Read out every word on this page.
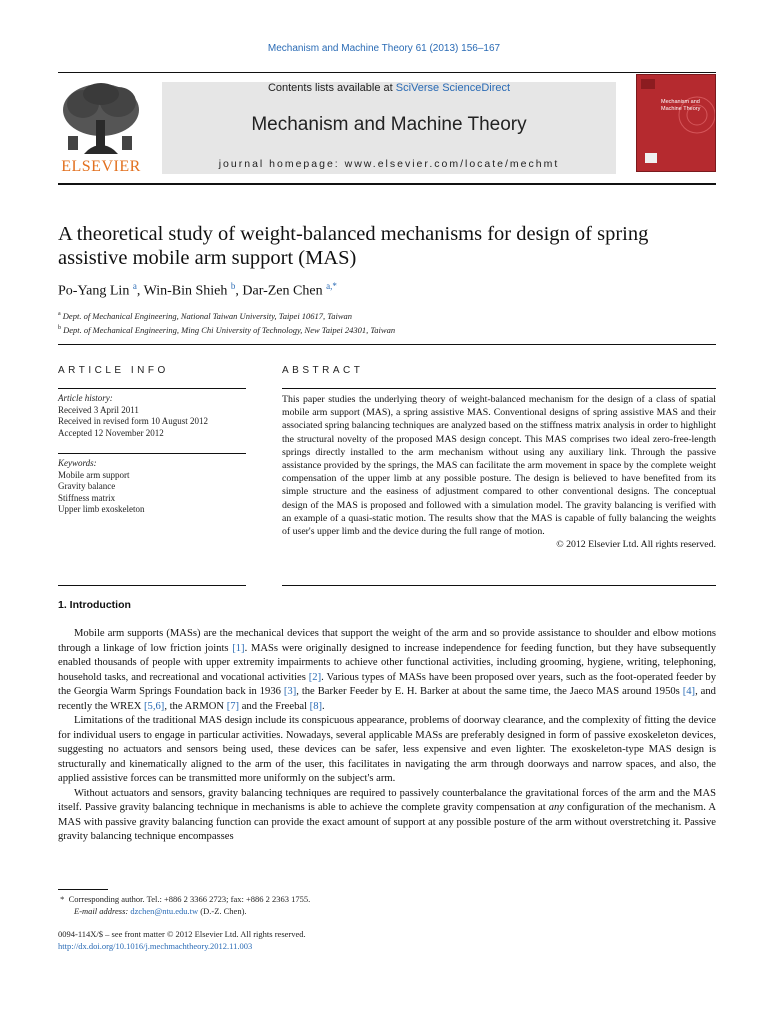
Mechanism and Machine Theory 61 (2013) 156–167
ELSEVIER
Contents lists available at SciVerse ScienceDirect
Mechanism and Machine Theory
journal homepage: www.elsevier.com/locate/mechmt
Mechanism and Machine Theory
A theoretical study of weight-balanced mechanisms for design of spring assistive mobile arm support (MAS)
Po-Yang Lin $^a$, Win-Bin Shieh $^b$, Dar-Zen Chen $^{a,*}$
$^a$ Dept. of Mechanical Engineering, National Taiwan University, Taipei 10617, Taiwan
$^b$ Dept. of Mechanical Engineering, Ming Chi University of Technology, New Taipei 24301, Taiwan
ARTICLE INFO	ABSTRACT
Article history:
Received 3 April 2011
Received in revised form 10 August 2012
Accepted 12 November 2012
Keywords:
Mobile arm support
Gravity balance
Stiffness matrix
Upper limb exoskeleton
This paper studies the underlying theory of weight-balanced mechanism for the design of a class of spatial mobile arm support (MAS), a spring assistive MAS. Conventional designs of spring assistive MAS and their associated spring balancing techniques are analyzed based on the stiffness matrix analysis in order to highlight the structural novelty of the proposed MAS design concept. This MAS comprises two ideal zero-free-length springs directly installed to the arm mechanism without using any auxiliary link. Through the passive assistance provided by the springs, the MAS can facilitate the arm movement in space by the complete weight compensation of the upper limb at any possible posture. The design is believed to have benefited from its simple structure and the easiness of adjustment compared to other conventional designs. The conceptual design of the MAS is proposed and followed with a simulation model. The gravity balancing is verified with an example of a quasi-static motion. The results show that the MAS is capable of fully balancing the weights of user's upper limb and the device during the full range of motion.
© 2012 Elsevier Ltd. All rights reserved.
1. Introduction

Mobile arm supports (MASs) are the mechanical devices that support the weight of the arm and so provide assistance to shoulder and elbow motions through a linkage of low friction joints [1]. MASs were originally designed to increase independence for feeding function, but they have subsequently enabled thousands of people with upper extremity impairments to achieve other functional activities, including grooming, hygiene, writing, telephoning, household tasks, and recreational and vocational activities [2]. Various types of MASs have been proposed over years, such as the foot-operated feeder by the Georgia Warm Springs Foundation back in 1936 [3], the Barker Feeder by E. H. Barker at about the same time, the Jaeco MAS around 1950s [4], and recently the WREX [5,6], the ARMON [7] and the Freebal [8].

Limitations of the traditional MAS design include its conspicuous appearance, problems of doorway clearance, and the complexity of fitting the device for individual users to engage in particular activities. Nowadays, several applicable MASs are preferably designed in form of passive exoskeleton devices, suggesting no actuators and sensors being used, these devices can be safer, less expensive and even lighter. The exoskeleton-type MAS design is structurally and kinematically aligned to the arm of the user, this facilitates in navigating the arm through doorways and narrow spaces, and also, the applied assistive forces can be transmitted more uniformly on the subject's arm.

Without actuators and sensors, gravity balancing techniques are required to passively counterbalance the gravitational forces of the arm and the MAS itself. Passive gravity balancing technique in mechanisms is able to achieve the complete gravity compensation at any configuration of the mechanism. A MAS with passive gravity balancing function can provide the exact amount of support at any possible posture of the arm without overstretching it. Passive gravity balancing technique encompasses

* Corresponding author. Tel.: +886 2 3366 2723; fax: +886 2 2363 1755.
E-mail address: dzchen@ntu.edu.tw (D.-Z. Chen).
0094-114X/$ – see front matter © 2012 Elsevier Ltd. All rights reserved.
http://dx.doi.org/10.1016/j.mechmachtheory.2012.11.003
